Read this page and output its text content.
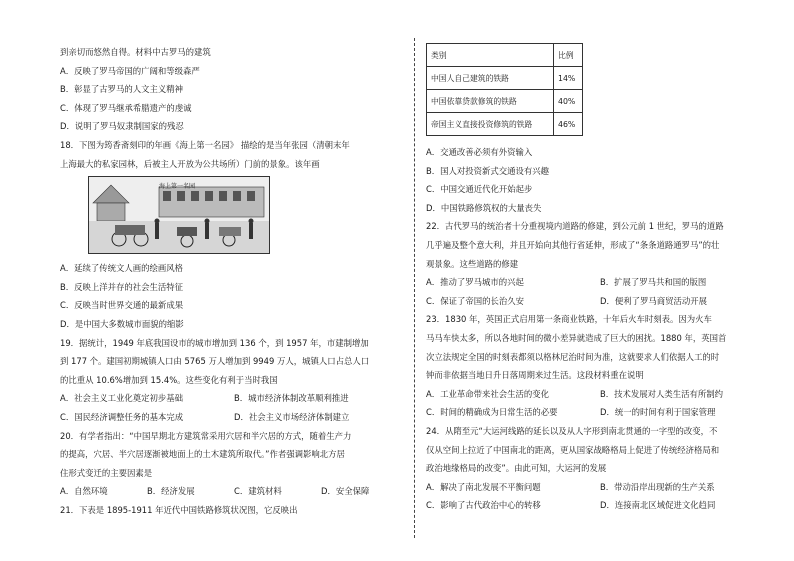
到亲切而悠然自得。材料中古罗马的建筑
A．反映了罗马帝国的广阔和等级森严
B．彰显了古罗马的人文主义精神
C．体现了罗马继承希腊遗产的虔诚
D．说明了罗马奴隶制国家的残忍
18．下图为筠香斋刻印的年画《海上第一名园》 描绘的是当年张园（清朝末年
上海最大的私家园林，后被主人开放为公共场所）门前的景象。该年画
海上第一名园
A．延续了传统文人画的绘画风格
B．反映上洋并存的社会生活特征
C．反映当时世界交通的最新成果
D．是中国大多数城市面貌的缩影
19．据统计，1949 年底我国设市的城市增加到 136 个，到 1957 年，市建制增加
到 177 个。建国初期城镇人口由 5765 万人增加到 9949 万人，城镇人口占总人口
的比重从 10.6%增加到 15.4%。这些变化有利于当时我国
A．社会主义工业化奠定初步基础	B．城市经济体制改革顺利推进
C．国民经济调整任务的基本完成	D．社会主义市场经济体制建立
20．有学者指出：“中国早期北方建筑常采用穴居和半穴居的方式，随着生产力
的提高，穴居、半穴居逐渐被地面上的土木建筑所取代。”作者强调影响北方居
住形式变迁的主要因素是
A．自然环境	B．经济发展	C．建筑材料	D．安全保障
21．下表是 1895-1911 年近代中国铁路修筑状况图，它反映出
类别	比例
中国人自己建筑的铁路	14%
中国依靠贷款修筑的铁路	40%
帝国主义直接投资修筑的铁路	46%
A．交通改善必须有外资输入
B．国人对投资新式交通设有兴趣
C．中国交通近代化开始起步
D．中国铁路修筑权的大量丧失
22．古代罗马的统治者十分重视境内道路的修建，到公元前 1 世纪，罗马的道路
几乎遍及整个意大利，并且开始向其他行省延伸，形成了“条条道路通罗马”的壮
观景象。这些道路的修建
A．推动了罗马城市的兴起	B．扩展了罗马共和国的版图
C．保证了帝国的长治久安	D．便利了罗马商贸活动开展
23．1830 年，英国正式启用第一条商业铁路，十年后火车时刻表。因为火车
马马车快太多，所以各地时间的微小差异就造成了巨大的困扰。1880 年，英国首
次立法规定全国的时刻表都须以格林尼治时间为准，这就要求人们依据人工的时
钟而非依据当地日升日落周期来过生活。这段材料重在说明
A．工业革命带来社会生活的变化	B．技术发展对人类生活有所制约
C．时间的精确成为日常生活的必要	D．统一的时间有利于国家管理
24．从隋至元“大运河线路的延长以及从人字形到南北贯通的一字型的改变，不
仅从空间上拉近了中国南北的距离，更从国家战略格局上促进了传统经济格局和
政治地缘格局的改变”。由此可知，大运河的发展
A．解决了南北发展不平衡问题	B．带动沿岸出现新的生产关系
C．影响了古代政治中心的转移	D．连接南北区域促进文化趋同
